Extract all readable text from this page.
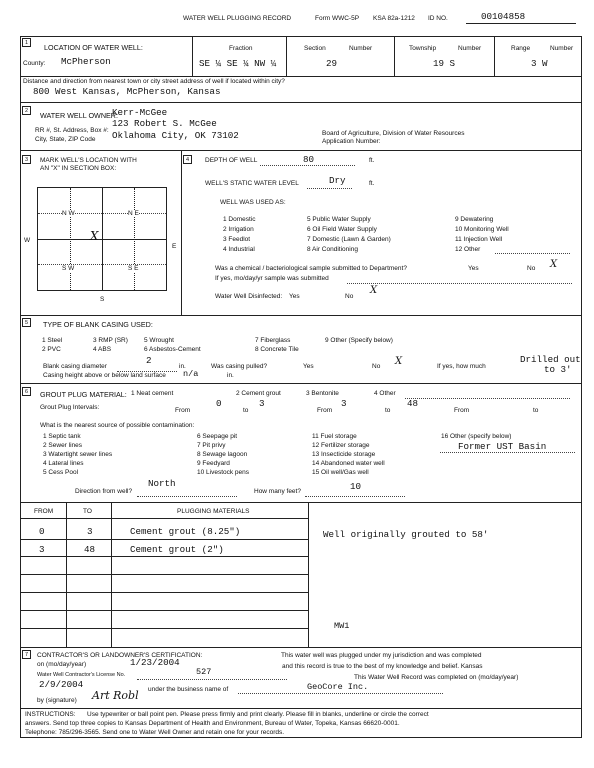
WATER WELL PLUGGING RECORD	Form WWC-5P KSA 82a-1212 ID NO.	00104858
1	LOCATION OF WATER WELL:
County: McPherson
Fraction
SE ¼ SE ¼ NW ¼
Section	Number
29
Township	Number
19 S
Range	Number
3 W
Distance and direction from nearest town or city street address of well if located within city?
800 West Kansas, McPherson, Kansas
2	WATER WELL OWNER:
Kerr-McGee
RR #, St. Address, Box #:
City, State, ZIP Code
123 Robert S. McGee
Oklahoma City, OK 73102	Board of Agriculture, Division of Water Resources
Application Number:
3	MARK WELL'S LOCATION WITH
AN "X" IN SECTION BOX:
N W	N E
S W	S E
W
E
S
X
4	DEPTH OF WELL	80	ft.
WELL'S STATIC WATER LEVEL	Dry	ft.
WELL WAS USED AS:
1 Domestic
2 Irrigation
3 Feedlot
4 Industrial
5 Public Water Supply
6 Oil Field Water Supply
7 Domestic (Lawn & Garden)
8 Air Conditioning
9 Dewatering
10 Monitoring Well
11 Injection Well
12 Other
Was a chemical / bacteriological sample submitted to Department?	Yes	No X
If yes, mo/day/yr sample was submitted
Water Well Disinfected: Yes	No
X
5	TYPE OF BLANK CASING USED:
1 Steel
2 PVC
3 RMP (SR)
4 ABS
5 Wrought
6 Asbestos-Cement
7 Fiberglass
8 Concrete Tile
9 Other (Specify below)
Blank casing diameter
2
in.	Was casing pulled?	Yes	No X	If yes, how much
Drilled out
to 3'
Casing height above or below land surface n/a	in.
6	GROUT PLUG MATERIAL: 1 Neat cement	2 Cement grout	3 Bentonite	4 Other
Grout Plug Intervals:	From
0
to
3
From
3
to
48
From	to
What is the nearest source of possible contamination:
1 Septic tank
2 Sewer lines
3 Watertight sewer lines
4 Lateral lines
5 Cess Pool
6 Seepage pit
7 Pit privy
8 Sewage lagoon
9 Feedyard
10 Livestock pens
11 Fuel storage
12 Fertilizer storage
13 Insecticide storage
14 Abandoned water well
15 Oil well/Gas well
16 Other (specify below)
Former UST Basin
Direction from well?
North
How many feet?	10
FROM	TO	PLUGGING MATERIALS
0	3	Cement grout (8.25")
3	48	Cement grout (2")
Well originally grouted to 58'
MW1
7	CONTRACTOR'S OR LANDOWNER'S CERTIFICATION:	This water well was plugged under my jurisdiction and was completed
on (mo/day/year)	1/23/2004	and this record is true to the best of my knowledge and belief. Kansas
Water Well Contractor's License No.	527
This Water Well Record was completed on (mo/day/year)
2/9/2004	under the business name of	GeoCore Inc.
by (signature) Art Robl
INSTRUCTIONS: Use typewriter or ball point pen. Please press firmly and print clearly. Please fill in blanks, underline or circle the correct
answers. Send top three copies to Kansas Department of Health and Environment, Bureau of Water, Topeka, Kansas 66620-0001.
Telephone: 785/296-3565. Send one to Water Well Owner and retain one for your records.
